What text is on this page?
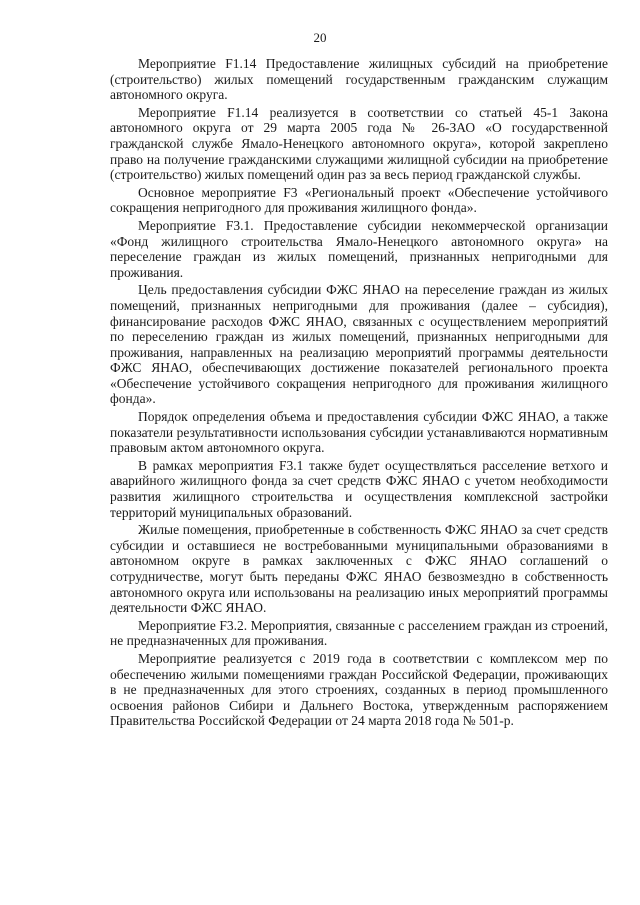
20

Мероприятие F1.14 Предоставление жилищных субсидий на приобретение (строительство) жилых помещений государственным гражданским служащим автономного округа.

Мероприятие F1.14 реализуется в соответствии со статьей 45-1 Закона автономного округа от 29 марта 2005 года № 26-ЗАО «О государственной гражданской службе Ямало-Ненецкого автономного округа», которой закреплено право на получение гражданскими служащими жилищной субсидии на приобретение (строительство) жилых помещений один раз за весь период гражданской службы.

Основное мероприятие F3 «Региональный проект «Обеспечение устойчивого сокращения непригодного для проживания жилищного фонда».

Мероприятие F3.1. Предоставление субсидии некоммерческой организации «Фонд жилищного строительства Ямало-Ненецкого автономного округа» на переселение граждан из жилых помещений, признанных непригодными для проживания.

Цель предоставления субсидии ФЖС ЯНАО на переселение граждан из жилых помещений, признанных непригодными для проживания (далее – субсидия), финансирование расходов ФЖС ЯНАО, связанных с осуществлением мероприятий по переселению граждан из жилых помещений, признанных непригодными для проживания, направленных на реализацию мероприятий программы деятельности ФЖС ЯНАО, обеспечивающих достижение показателей регионального проекта «Обеспечение устойчивого сокращения непригодного для проживания жилищного фонда».

Порядок определения объема и предоставления субсидии ФЖС ЯНАО, а также показатели результативности использования субсидии устанавливаются нормативным правовым актом автономного округа.

В рамках мероприятия F3.1 также будет осуществляться расселение ветхого и аварийного жилищного фонда за счет средств ФЖС ЯНАО с учетом необходимости развития жилищного строительства и осуществления комплексной застройки территорий муниципальных образований.

Жилые помещения, приобретенные в собственность ФЖС ЯНАО за счет средств субсидии и оставшиеся не востребованными муниципальными образованиями в автономном округе в рамках заключенных с ФЖС ЯНАО соглашений о сотрудничестве, могут быть переданы ФЖС ЯНАО безвозмездно в собственность автономного округа или использованы на реализацию иных мероприятий программы деятельности ФЖС ЯНАО.

Мероприятие F3.2. Мероприятия, связанные с расселением граждан из строений, не предназначенных для проживания.

Мероприятие реализуется с 2019 года в соответствии с комплексом мер по обеспечению жилыми помещениями граждан Российской Федерации, проживающих в не предназначенных для этого строениях, созданных в период промышленного освоения районов Сибири и Дальнего Востока, утвержденным распоряжением Правительства Российской Федерации от 24 марта 2018 года № 501-р.
